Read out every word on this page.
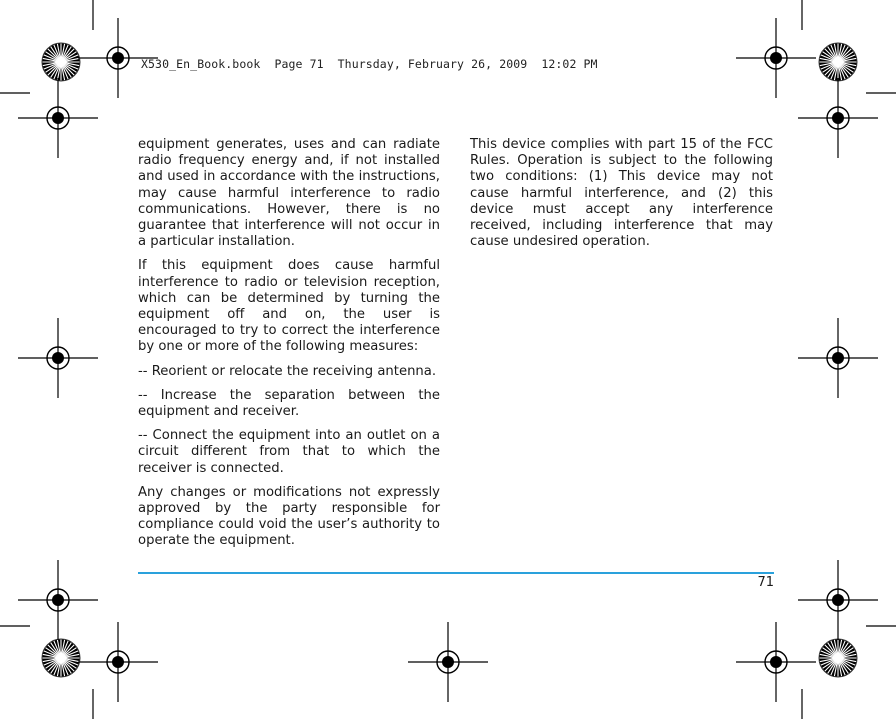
X530_En_Book.book  Page 71  Thursday, February 26, 2009  12:02 PM

equipment generates, uses and can radiate radio frequency energy and, if not installed and used in accordance with the instructions, may cause harmful interference to radio communications. However, there is no guarantee that interference will not occur in a particular installation.

If this equipment does cause harmful interference to radio or television reception, which can be determined by turning the equipment off and on, the user is encouraged to try to correct the interference by one or more of the following measures:

-- Reorient or relocate the receiving antenna.

-- Increase the separation between the equipment and receiver.

-- Connect the equipment into an outlet on a circuit different from that to which the receiver is connected.

Any changes or modifications not expressly approved by the party responsible for compliance could void the user’s authority to operate the equipment.

This device complies with part 15 of the FCC Rules. Operation is subject to the following two conditions: (1) This device may not cause harmful interference, and (2) this device must accept any interference received, including interference that may cause undesired operation.

71
